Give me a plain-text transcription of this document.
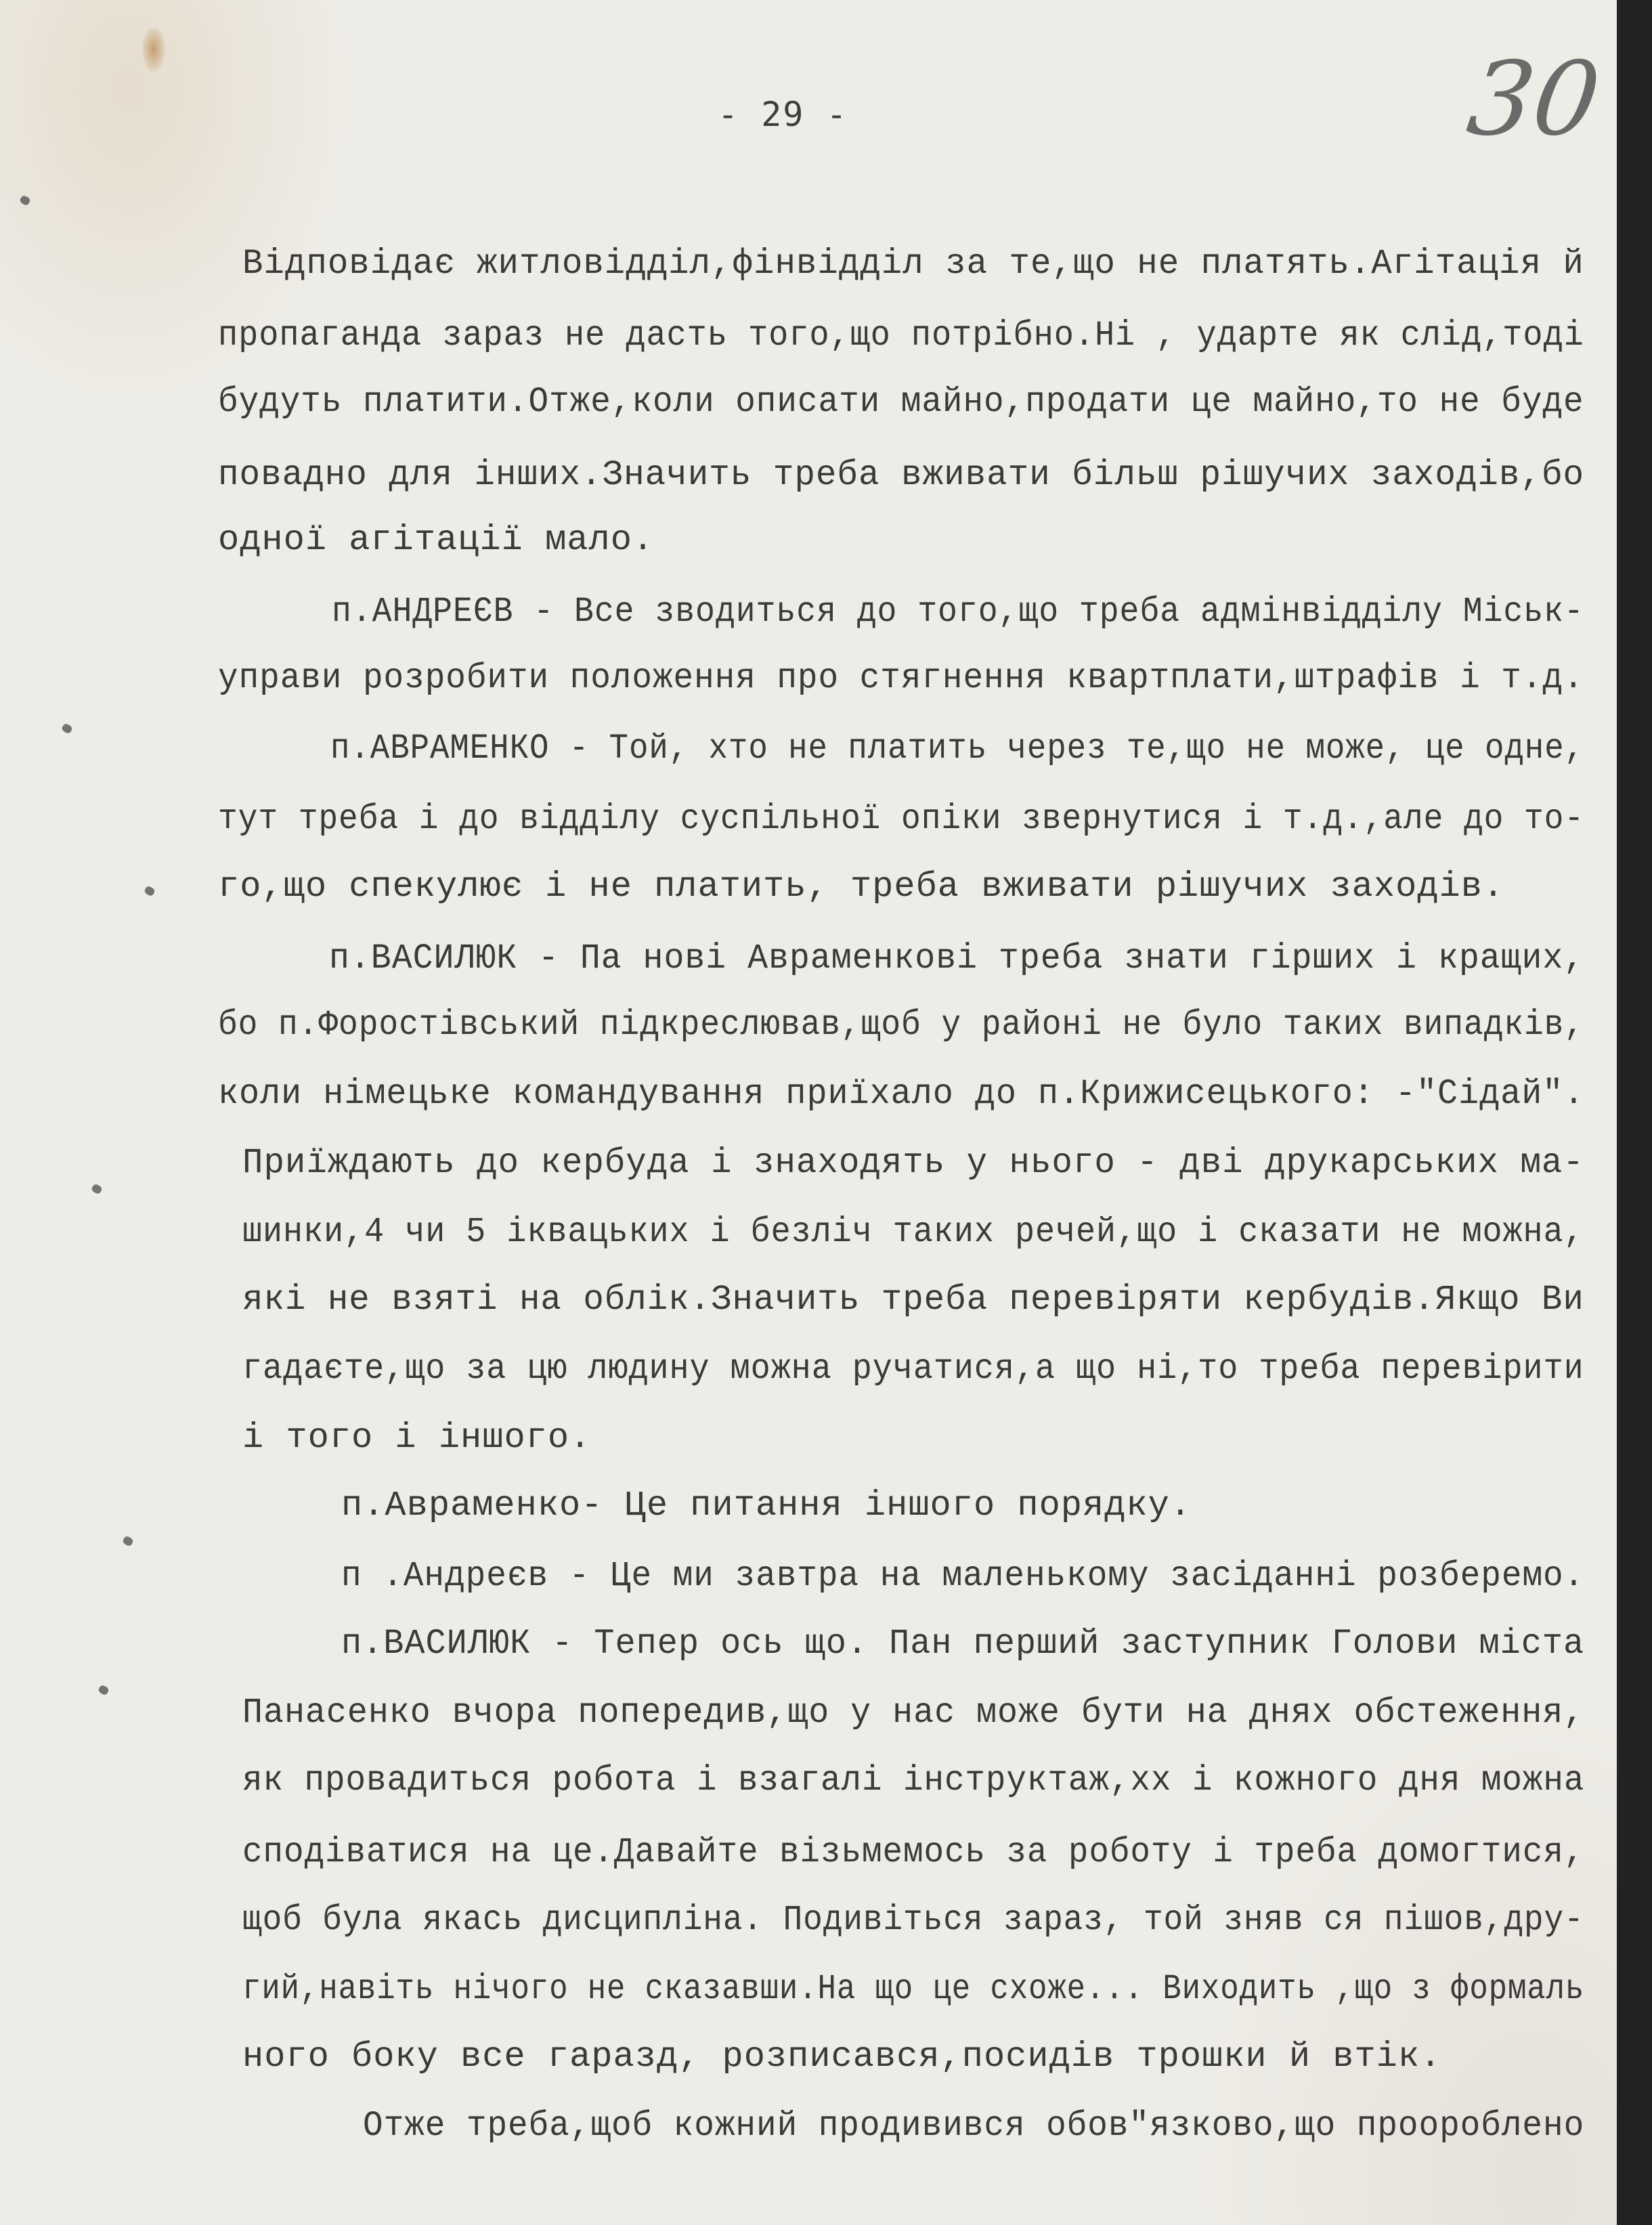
- 29 -	30
Відповідає житловідділ,фінвідділ за те,що не платять.Агітація й
пропаганда зараз не дасть того,що потрібно.Ні , ударте як слід,тоді
будуть платити.Отже,коли описати майно,продати це майно,то не буде
повадно для інших.Значить треба вживати більш рішучих заходів,бо
одної агітації мало.
п.АНДРЕЄВ - Все зводиться до того,що треба адмінвідділу Міськ-
управи розробити положення про стягнення квартплати,штрафів і т.д.
п.АВРАМЕНКО - Той, хто не платить через те,що не може, це одне,
тут треба і до відділу суспільної опіки звернутися і т.д.,але до то-
го,що спекулює і не платить, треба вживати рішучих заходів.
п.ВАСИЛЮК - Па нові Авраменкові треба знати гірших і кращих,
бо п.Форостівський підкреслював,щоб у районі не було таких випадків,
коли німецьке командування приїхало до п.Крижисецького: -"Сідай".
Приїждають до кербуда і знаходять у нього - дві друкарських ма-
шинки,4 чи 5 іквацьких і безліч таких речей,що і сказати не можна,
які не взяті на облік.Значить треба перевіряти кербудів.Якщо Ви
гадаєте,що за цю людину можна ручатися,а що ні,то треба перевірити
і того і іншого.
п.Авраменко- Це питання іншого порядку.
п .Андреєв - Це ми завтра на маленькому засіданні розберемо.
п.ВАСИЛЮК - Тепер ось що. Пан перший заступник Голови міста
Панасенко вчора попередив,що у нас може бути на днях обстеження,
як провадиться робота і взагалі інструктаж,хх і кожного дня можна
сподіватися на це.Давайте візьмемось за роботу і треба домогтися,
щоб була якась дисципліна. Подивіться зараз, той зняв ся пішов,дру-
гий,навіть нічого не сказавши.На що це схоже... Виходить ,що з формаль
ного боку все гаразд, розписався,посидів трошки й втік.
Отже треба,щоб кожний продивився обов"язково,що проороблено
